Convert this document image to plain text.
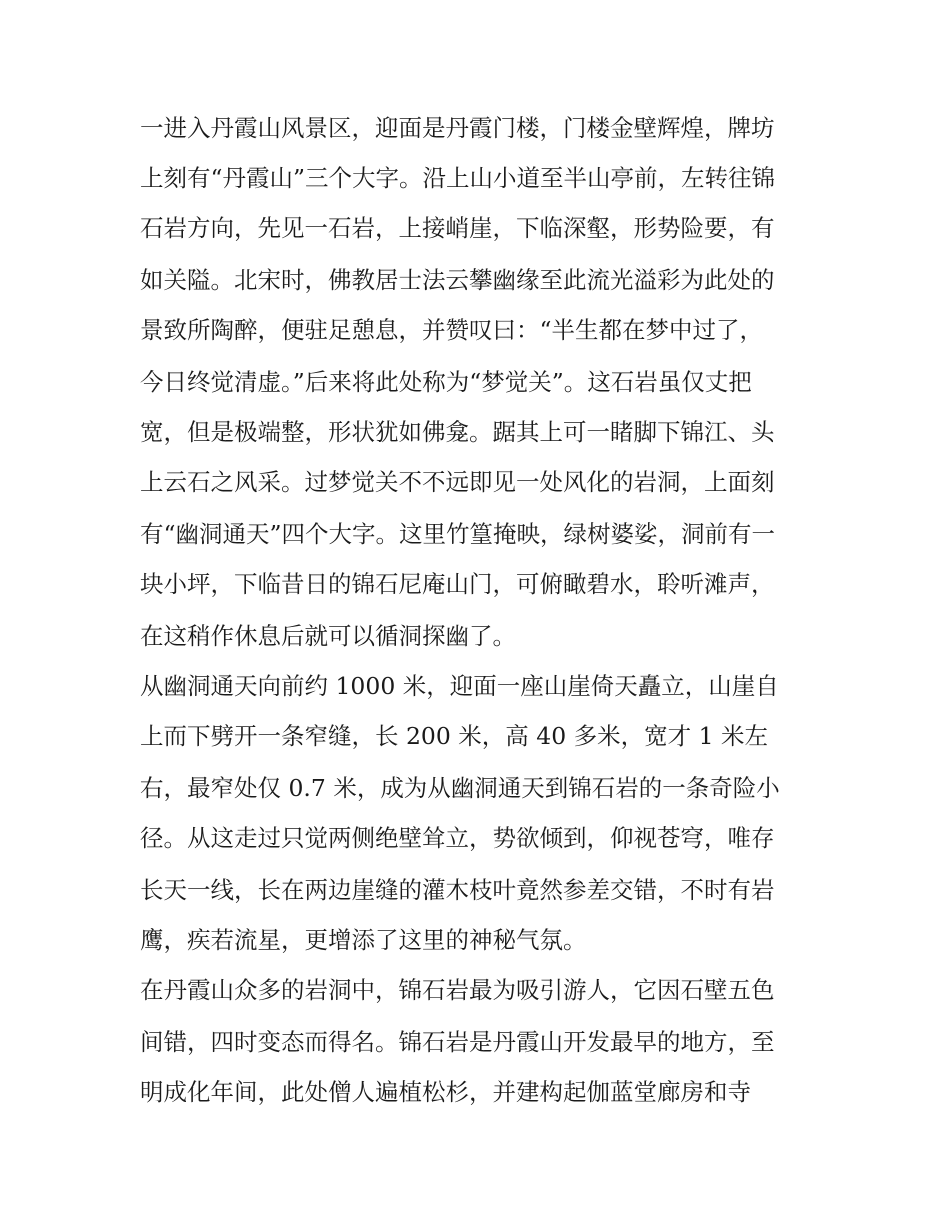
一进入丹霞山风景区，迎面是丹霞门楼，门楼金壁辉煌，牌坊
上刻有“丹霞山”三个大字。沿上山小道至半山亭前，左转往锦
石岩方向，先见一石岩，上接峭崖，下临深壑，形势险要，有
如关隘。北宋时，佛教居士法云攀幽缘至此流光溢彩为此处的
景致所陶醉，便驻足憩息，并赞叹曰：“半生都在梦中过了，
今日终觉清虚。”后来将此处称为“梦觉关”。这石岩虽仅丈把
宽，但是极端整，形状犹如佛龛。踞其上可一睹脚下锦江、头
上云石之风采。过梦觉关不不远即见一处风化的岩洞，上面刻
有“幽洞通天”四个大字。这里竹篁掩映，绿树婆娑，洞前有一
块小坪，下临昔日的锦石尼庵山门，可俯瞰碧水，聆听滩声，
在这稍作休息后就可以循洞探幽了。
从幽洞通天向前约 1000 米，迎面一座山崖倚天矗立，山崖自
上而下劈开一条窄缝，长 200 米，高 40 多米，宽才 1 米左
右，最窄处仅 0.7 米，成为从幽洞通天到锦石岩的一条奇险小
径。从这走过只觉两侧绝壁耸立，势欲倾到，仰视苍穹，唯存
长天一线，长在两边崖缝的灌木枝叶竟然参差交错，不时有岩
鹰，疾若流星，更增添了这里的神秘气氛。
在丹霞山众多的岩洞中，锦石岩最为吸引游人，它因石壁五色
间错，四时变态而得名。锦石岩是丹霞山开发最早的地方，至
明成化年间，此处僧人遍植松杉，并建构起伽蓝堂廊房和寺
